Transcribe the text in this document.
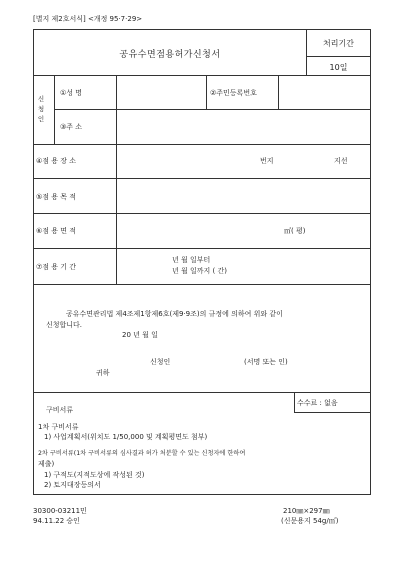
[별지 제2호서식] <개정 95·7·29>
공유수면점용허가신청서
처리기간
10일
신청인
①성 명	②주민등록번호
③주 소
④점 용 장 소	번지	지선
⑤점 용 목 적
⑥점 용 면 적	㎡( 평)
⑦점 용 기 간
년 월 일부터
년 월 일까지 ( 간)
공유수면관리법 제4조제1항제6호(제9·9조)의 규정에 의하여 위와 같이
신청합니다.
20 년 월 일
신청인	(서명 또는 인)
귀하
수수료 : 없음
구비서류
1차 구비서류
1) 사업계획서(위치도 1/50,000 및 계획평면도 첨부)
2차 구비서류(1차 구비서류의 심사결과 허가 처분할 수 있는 신청자에 한하여
제출)
1) 구적도(지적도상에 작성된 것)
2) 토지대장등의서
30300-03211민
94.11.22 승인
210㎜×297㎜
(신문용지 54g/㎡)
